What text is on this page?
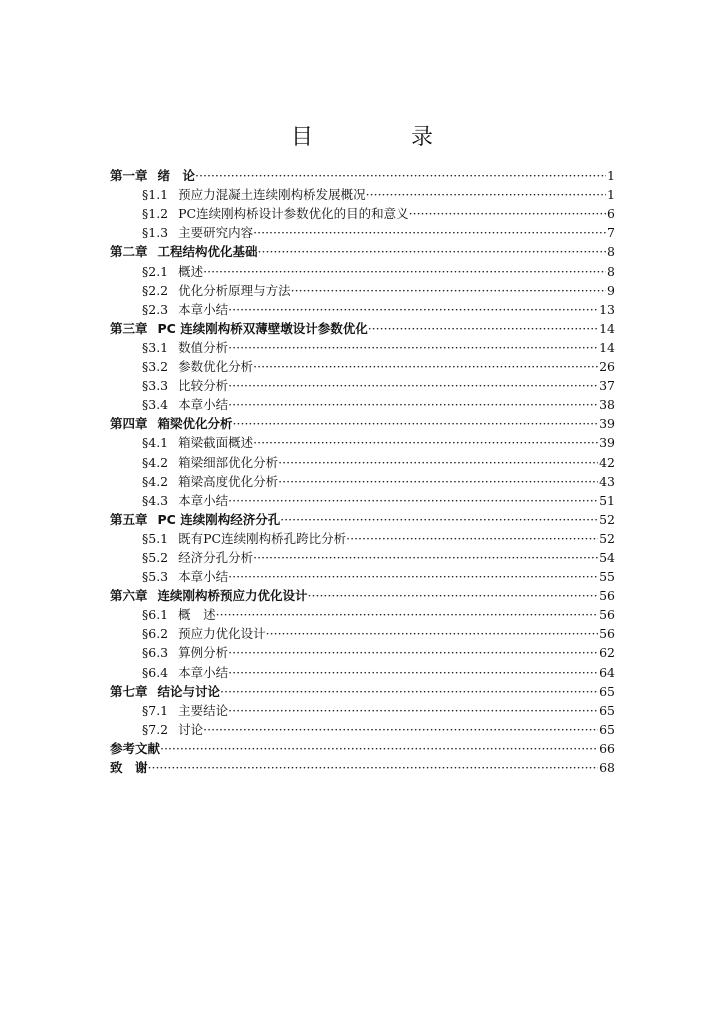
目　录
第一章 绪　论 ·····	1
§1.1 预应力混凝土连续刚构桥发展概况 ·····	1
§1.2 PC连续刚构桥设计参数优化的目的和意义 ·····	6
§1.3 主要研究内容 ·····	7
第二章 工程结构优化基础 ·····	8
§2.1 概述 ·····	8
§2.2 优化分析原理与方法 ·····	9
§2.3 本章小结 ·····	13
第三章 PC 连续刚构桥双薄壁墩设计参数优化 ·····	14
§3.1 数值分析 ·····	14
§3.2 参数优化分析 ·····	26
§3.3 比较分析 ·····	37
§3.4 本章小结 ·····	38
第四章 箱梁优化分析 ·····	39
§4.1 箱梁截面概述 ·····	39
§4.2 箱梁细部优化分析 ·····	42
§4.2 箱梁高度优化分析 ·····	43
§4.3 本章小结 ·····	51
第五章 PC 连续刚构经济分孔 ·····	52
§5.1 既有PC连续刚构桥孔跨比分析 ·····	52
§5.2 经济分孔分析 ·····	54
§5.3 本章小结 ·····	55
第六章 连续刚构桥预应力优化设计 ·····	56
§6.1 概　述 ·····	56
§6.2 预应力优化设计 ·····	56
§6.3 算例分析 ·····	62
§6.4 本章小结 ·····	64
第七章 结论与讨论 ·····	65
§7.1 主要结论 ·····	65
§7.2 讨论 ·····	65
参考文献 ·····	66
致　谢 ·····	68
